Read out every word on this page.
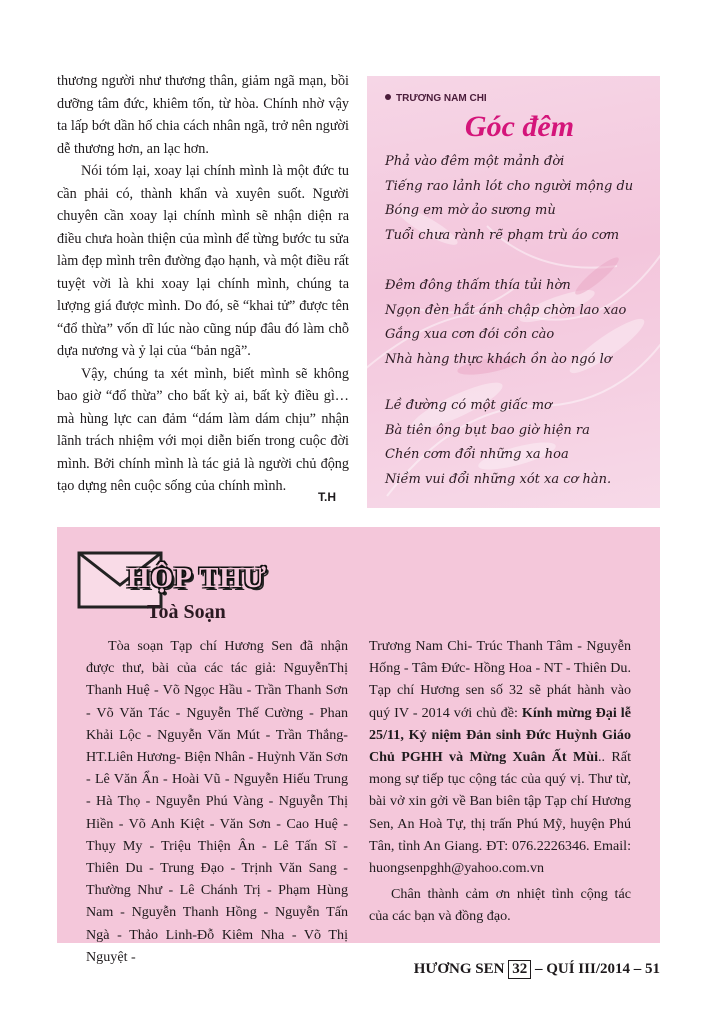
thương người như thương thân, giảm ngã mạn, bồi dưỡng tâm đức, khiêm tốn, từ hòa. Chính nhờ vậy ta lấp bớt dần hố chia cách nhân ngã, trở nên người dễ thương hơn, an lạc hơn.

Nói tóm lại, xoay lại chính mình là một đức tu cần phải có, thành khẩn và xuyên suốt. Người chuyên cần xoay lại chính mình sẽ nhận diện ra điều chưa hoàn thiện của mình để từng bước tu sửa làm đẹp mình trên đường đạo hạnh, và một điều rất tuyệt vời là khi xoay lại chính mình, chúng ta lượng giá được mình. Do đó, sẽ “khai tử” được tên “đổ thừa” vốn dĩ lúc nào cũng núp đâu đó làm chỗ dựa nương và ỷ lại của “bản ngã”.

Vậy, chúng ta xét mình, biết mình sẽ không bao giờ “đổ thừa” cho bất kỳ ai, bất kỳ điều gì… mà hùng lực can đảm “dám làm dám chịu” nhận lãnh trách nhiệm với mọi diễn biến trong cuộc đời mình. Bởi chính mình là tác giả là người chủ động tạo dựng nên cuộc sống của chính mình.

T.H
TRƯƠNG NAM CHI
Góc đêm
Phả vào đêm một mảnh đời
Tiếng rao lảnh lót cho người mộng du
Bóng em mờ ảo sương mù
Tuổi chưa rành rẽ phạm trù áo cơm
Đêm đông thấm thía tủi hờn
Ngọn đèn hắt ánh chập chờn lao xao
Gắng xua cơn đói cồn cào
Nhà hàng thực khách ồn ào ngó lơ
Lề đường có một giấc mơ
Bà tiên ông bụt bao giờ hiện ra
Chén cơm đổi những xa hoa
Niềm vui đổi những xót xa cơ hàn.
HỘP THƯ
Toà Soạn

Tòa soạn Tạp chí Hương Sen đã nhận được thư, bài của các tác giả: NguyễnThị Thanh Huệ - Võ Ngọc Hầu - Trần Thanh Sơn - Võ Văn Tác - Nguyễn Thế Cường - Phan Khải Lộc - Nguyễn Văn Mút - Trần Thắng- HT.Liên Hương- Biện Nhân - Huỳnh Văn Sơn - Lê Văn Ẩn - Hoài Vũ - Nguyễn Hiếu Trung - Hà Thọ - Nguyễn Phú Vàng - Nguyễn Thị Hiền - Võ Anh Kiệt - Văn Sơn - Cao Huệ - Thụy My - Triệu Thiện Ân - Lê Tấn Sĩ - Thiên Du - Trung Đạo - Trịnh Văn Sang - Thường Như - Lê Chánh Trị - Phạm Hùng Nam - Nguyễn Thanh Hồng - Nguyễn Tấn Ngà - Thảo Linh-Đỗ Kiêm Nha - Võ Thị Nguyệt -

Trương Nam Chi- Trúc Thanh Tâm - Nguyễn Hống - Tâm Đức- Hồng Hoa - NT - Thiên Du. Tạp chí Hương sen số 32 sẽ phát hành vào quý IV - 2014 với chủ đề: Kính mừng Đại lễ 25/11, Kỷ niệm Đản sinh Đức Huỳnh Giáo Chủ PGHH và Mừng Xuân Ất Mùi.. Rất mong sự tiếp tục cộng tác của quý vị. Thư từ, bài vở xin gởi về Ban biên tập Tạp chí Hương Sen, An Hoà Tự, thị trấn Phú Mỹ, huyện Phú Tân, tỉnh An Giang. ĐT: 076.2226346. Email: huongsenpghh@yahoo.com.vn

Chân thành cảm ơn nhiệt tình cộng tác của các bạn và đồng đạo.

HƯƠNG SEN 32 – QUÍ III/2014 – 51
